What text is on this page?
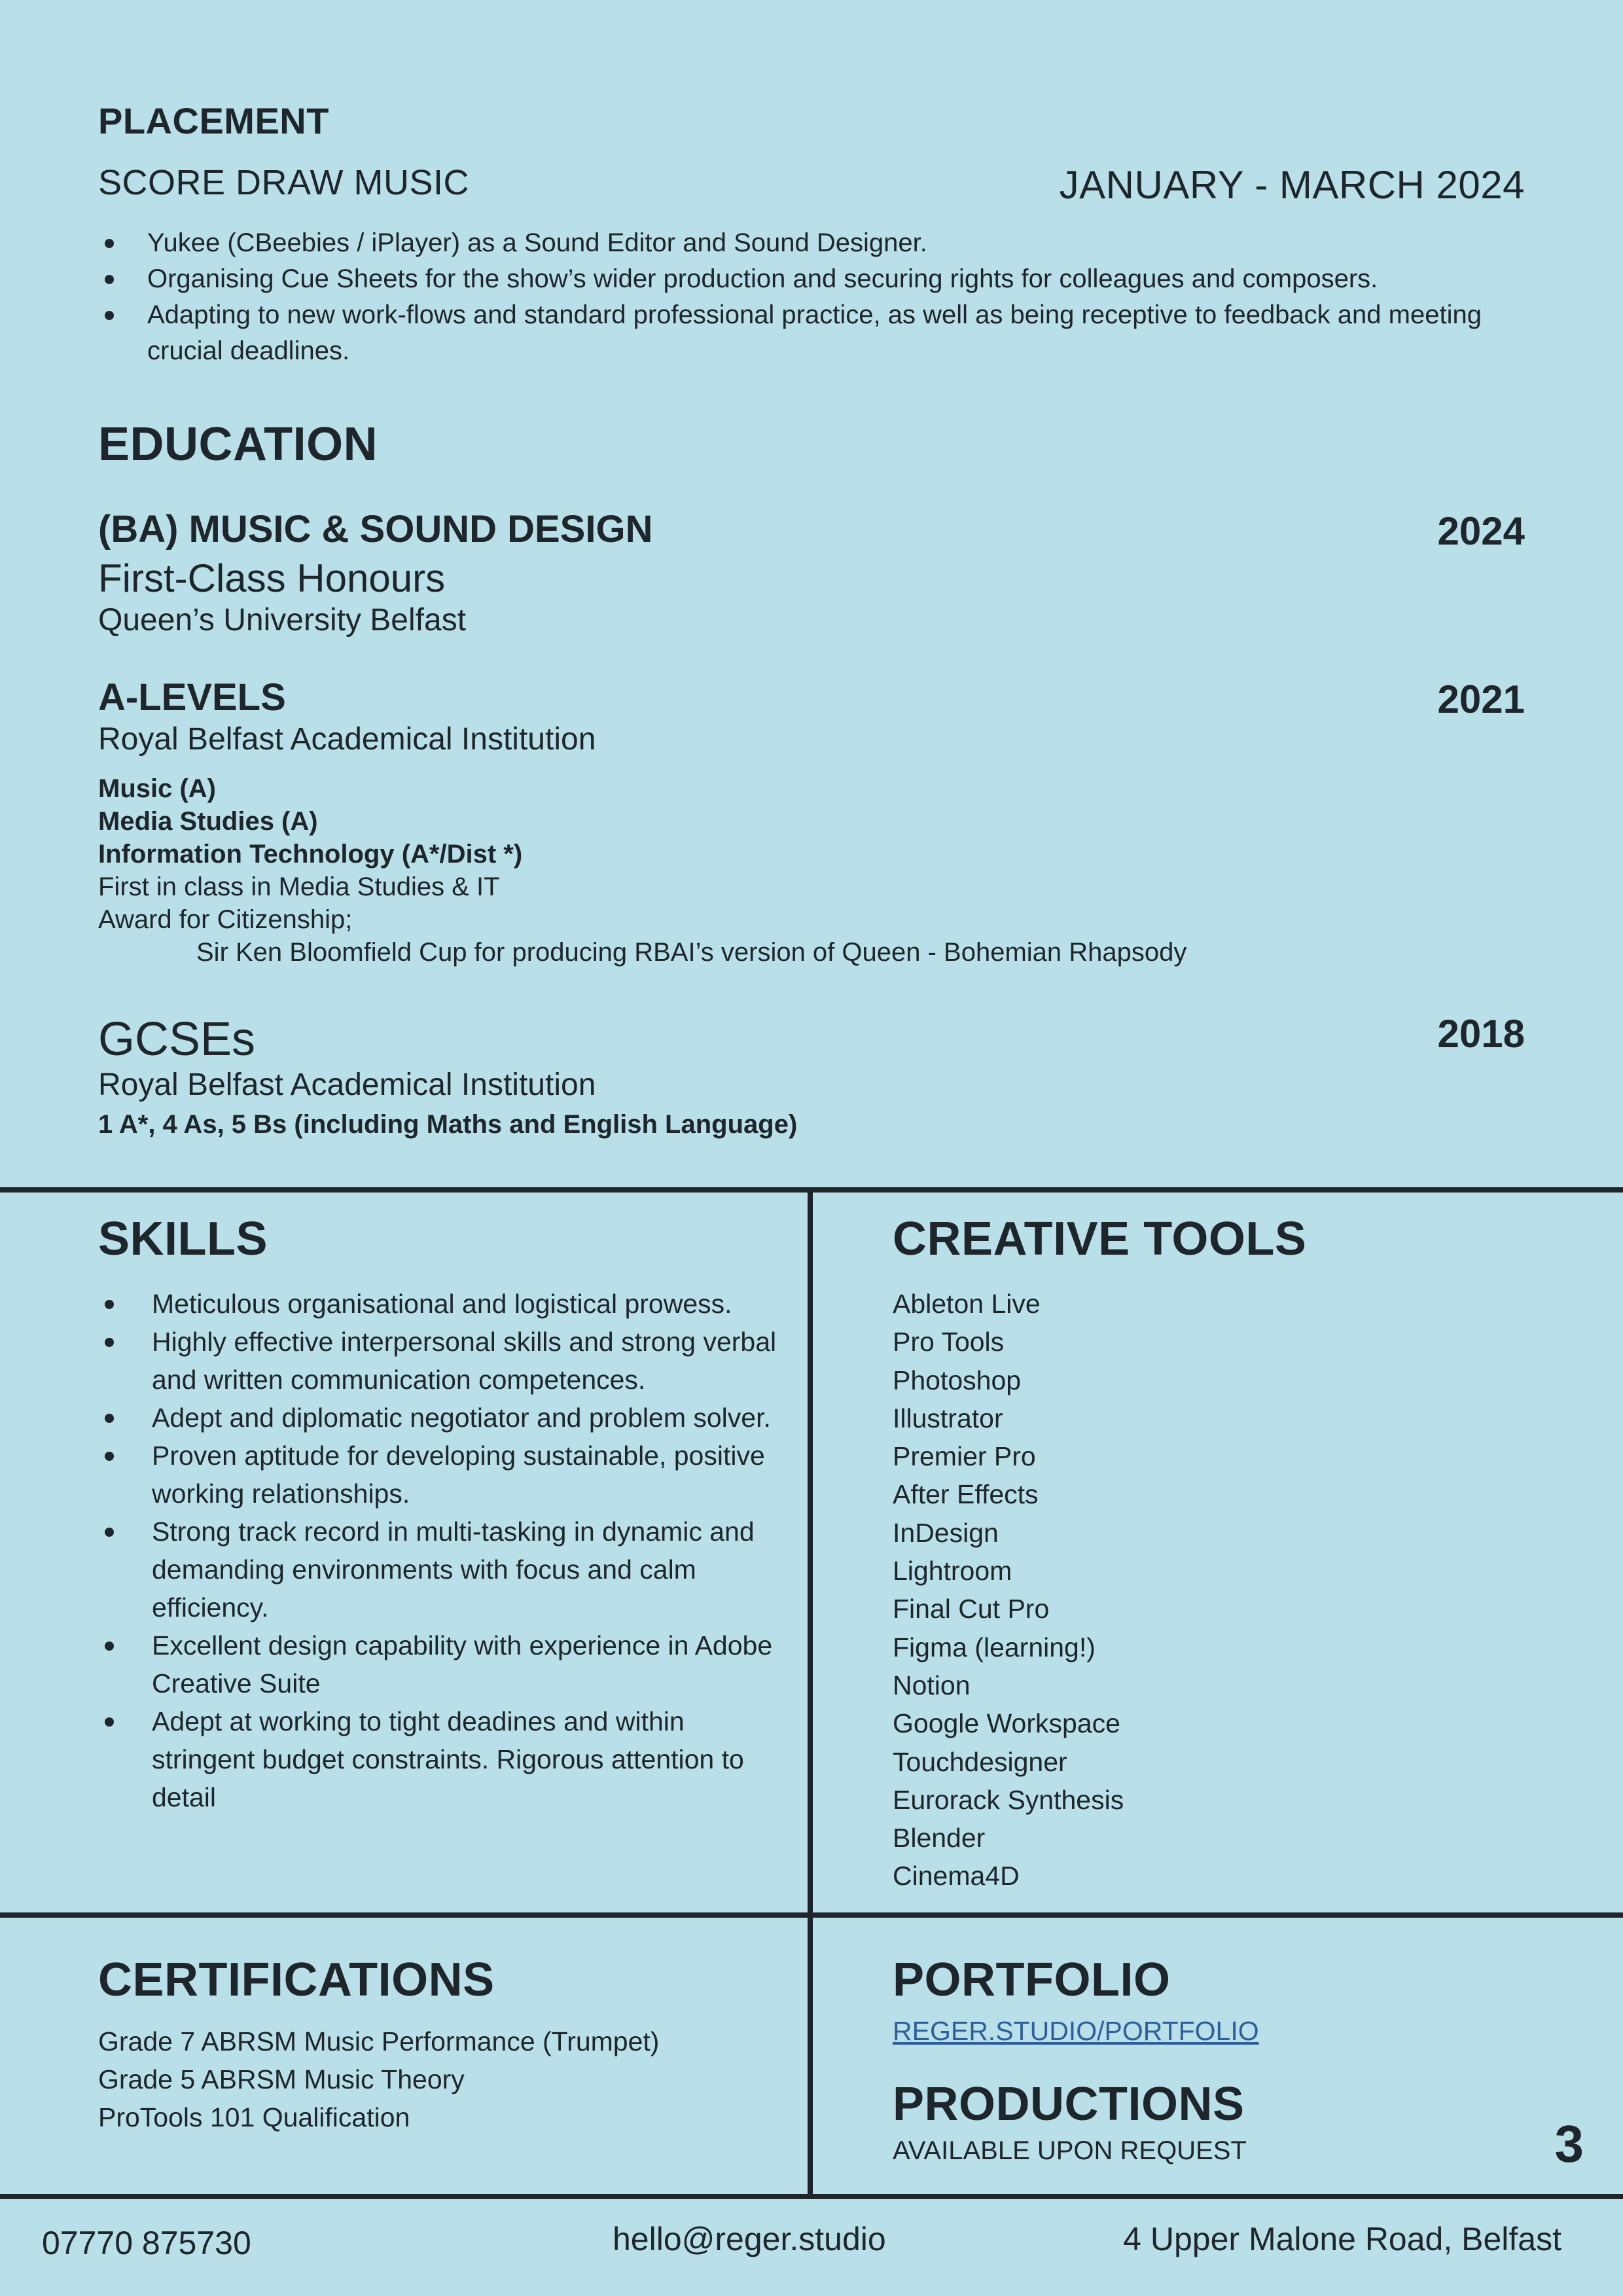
PLACEMENT
SCORE DRAW MUSIC	JANUARY - MARCH 2024
Yukee (CBeebies / iPlayer) as a Sound Editor and Sound Designer.
Organising Cue Sheets for the show’s wider production and securing rights for colleagues and composers.
Adapting to new work-flows and standard professional practice, as well as being receptive to feedback and meeting crucial deadlines.
EDUCATION
(BA) MUSIC & SOUND DESIGN	2024
First-Class Honours
Queen’s University Belfast
A-LEVELS	2021
Royal Belfast Academical Institution
Music (A)
Media Studies (A)
Information Technology (A*/Dist *)
First in class in Media Studies & IT
Award for Citizenship;
Sir Ken Bloomfield Cup for producing RBAI’s version of Queen - Bohemian Rhapsody
GCSEs	2018
Royal Belfast Academical Institution
1 A*, 4 As, 5 Bs (including Maths and English Language)
SKILLS
Meticulous organisational and logistical prowess.
Highly effective interpersonal skills and strong verbal and written communication competences.
Adept and diplomatic negotiator and problem solver.
Proven aptitude for developing sustainable, positive working relationships.
Strong track record in multi-tasking in dynamic and demanding environments with focus and calm efficiency.
Excellent design capability with experience in Adobe Creative Suite
Adept at working to tight deadines and within stringent budget constraints. Rigorous attention to detail
CREATIVE TOOLS
Ableton Live
Pro Tools
Photoshop
Illustrator
Premier Pro
After Effects
InDesign
Lightroom
Final Cut Pro
Figma (learning!)
Notion
Google Workspace
Touchdesigner
Eurorack Synthesis
Blender
Cinema4D
CERTIFICATIONS
Grade 7 ABRSM Music Performance (Trumpet)
Grade 5 ABRSM Music Theory
ProTools 101 Qualification
PORTFOLIO
REGER.STUDIO/PORTFOLIO
PRODUCTIONS
AVAILABLE UPON REQUEST	3
07770 875730	hello@reger.studio	4 Upper Malone Road, Belfast
